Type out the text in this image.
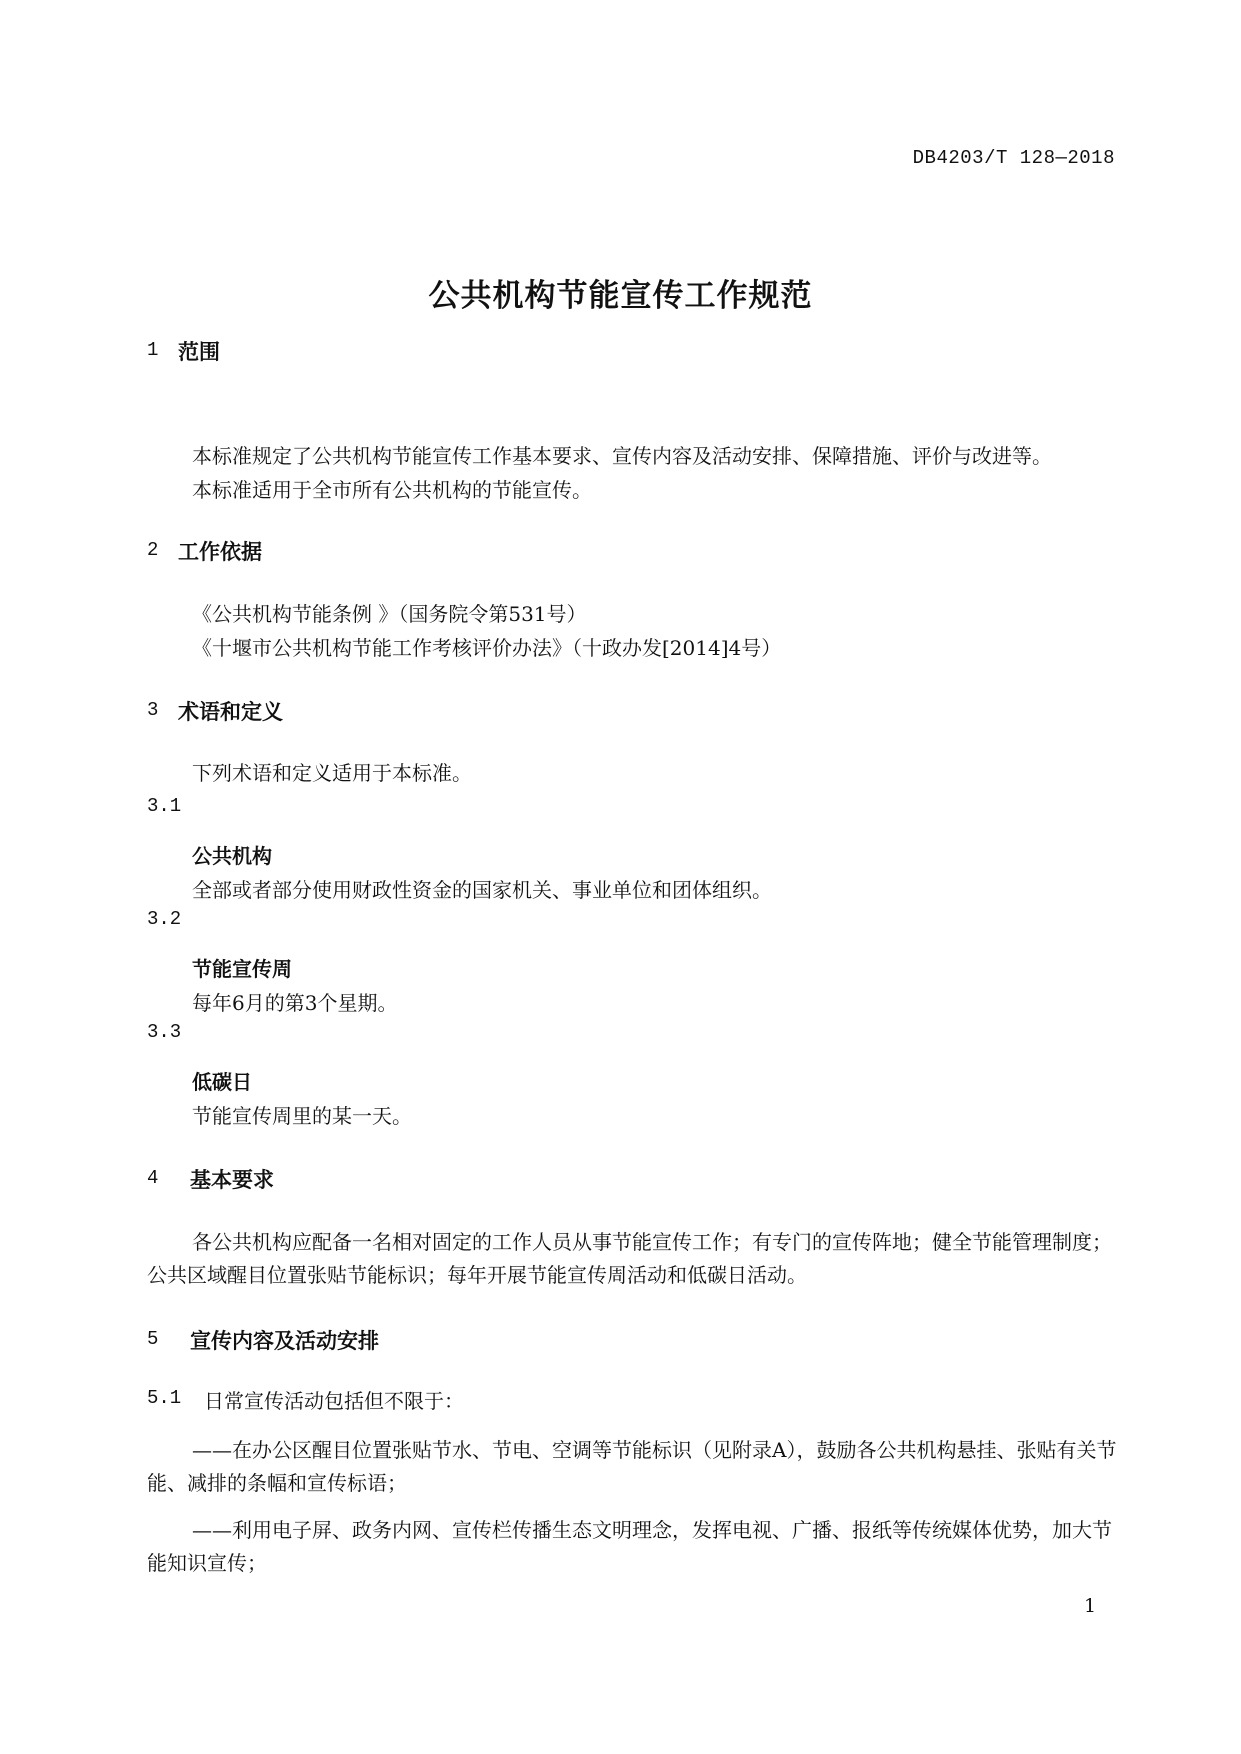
DB4203/T 128—2018
公共机构节能宣传工作规范
1 范围
本标准规定了公共机构节能宣传工作基本要求、宣传内容及活动安排、保障措施、评价与改进等。
本标准适用于全市所有公共机构的节能宣传。
2 工作依据
《公共机构节能条例 》（国务院令第531号）
《十堰市公共机构节能工作考核评价办法》（十政办发[2014]4号）
3 术语和定义
下列术语和定义适用于本标准。
3.1
公共机构
全部或者部分使用财政性资金的国家机关、事业单位和团体组织。
3.2
节能宣传周
每年6月的第3个星期。
3.3
低碳日
节能宣传周里的某一天。
4 基本要求
各公共机构应配备一名相对固定的工作人员从事节能宣传工作；有专门的宣传阵地；健全节能管理制度；公共区域醒目位置张贴节能标识；每年开展节能宣传周活动和低碳日活动。
5 宣传内容及活动安排
5.1 日常宣传活动包括但不限于：
——在办公区醒目位置张贴节水、节电、空调等节能标识（见附录A），鼓励各公共机构悬挂、张贴有关节能、减排的条幅和宣传标语；
——利用电子屏、政务内网、宣传栏传播生态文明理念，发挥电视、广播、报纸等传统媒体优势，加大节能知识宣传；
1
